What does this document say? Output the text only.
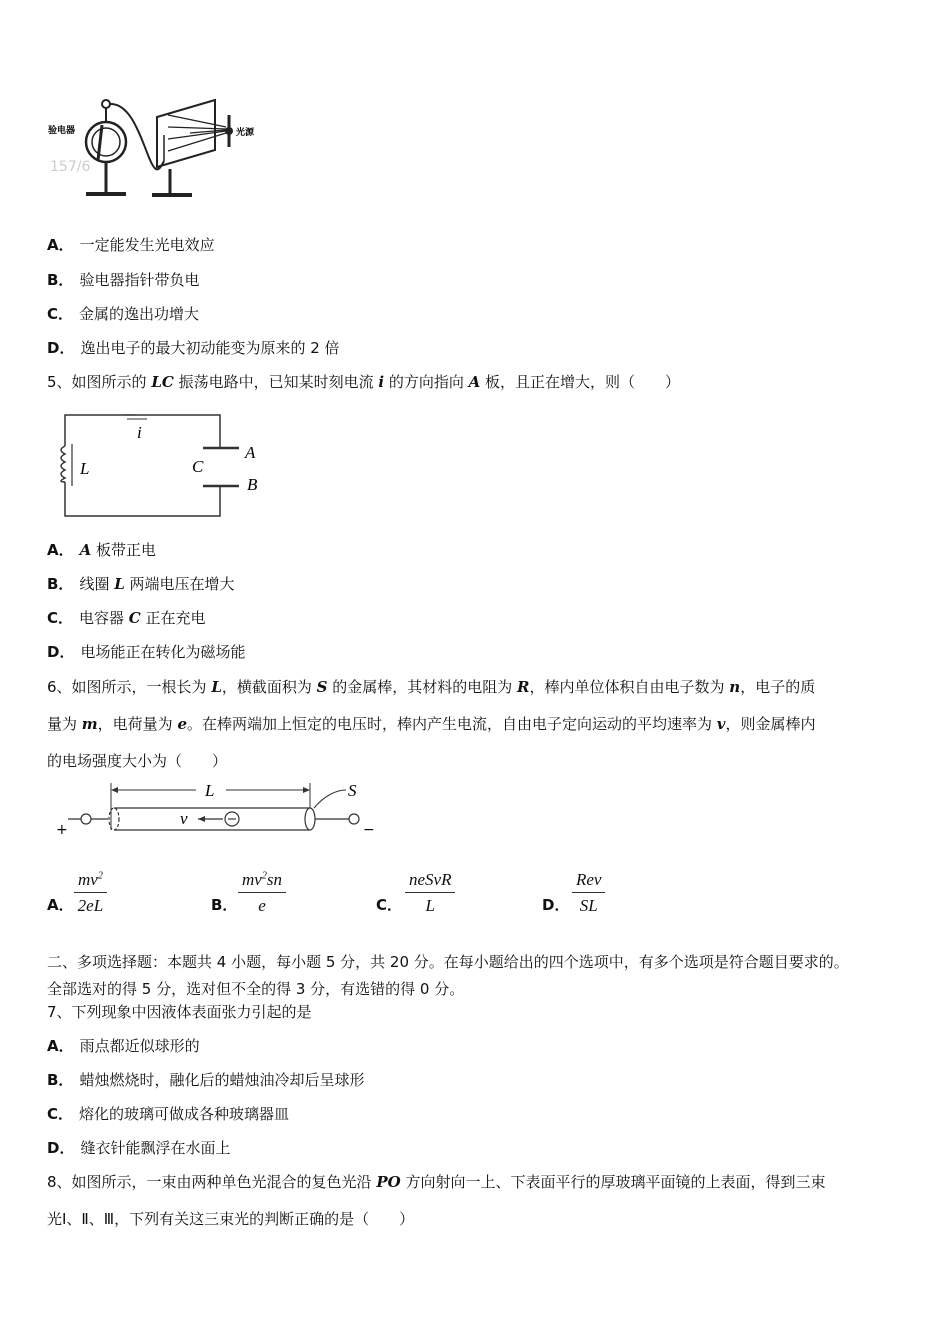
验电器
157/6
光源
A． 一定能发生光电效应
B． 验电器指针带负电
C． 金属的逸出功增大
D． 逸出电子的最大初动能变为原来的 2 倍
5、如图所示的 LC 振荡电路中，已知某时刻电流 i 的方向指向 A 板，且正在增大，则（　　）
i
L	C
A
B
A． A 板带正电
B． 线圈 L 两端电压在增大
C． 电容器 C 正在充电
D． 电场能正在转化为磁场能
6、如图所示，一根长为 L，横截面积为 S 的金属棒，其材料的电阻为 R，棒内单位体积自由电子数为 n，电子的质
量为 m，电荷量为 e。在棒两端加上恒定的电压时，棒内产生电流，自由电子定向运动的平均速率为 v，则金属棒内
的电场强度大小为（　　）
L
+	−
v
S
A．
$mv^2$
2eL	B．
$mv^2sn$
e	C．
neSvR
L	D．
Rev
SL
二、多项选择题：本题共 4 小题，每小题 5 分，共 20 分。在每小题给出的四个选项中，有多个选项是符合题目要求的。
全部选对的得 5 分，选对但不全的得 3 分，有选错的得 0 分。
7、下列现象中因液体表面张力引起的是
A． 雨点都近似球形的
B． 蜡烛燃烧时，融化后的蜡烛油冷却后呈球形
C． 熔化的玻璃可做成各种玻璃器皿
D． 缝衣针能飘浮在水面上
8、如图所示，一束由两种单色光混合的复色光沿 PO 方向射向一上、下表面平行的厚玻璃平面镜的上表面，得到三束
光Ⅰ、Ⅱ、Ⅲ，下列有关这三束光的判断正确的是（　　）
